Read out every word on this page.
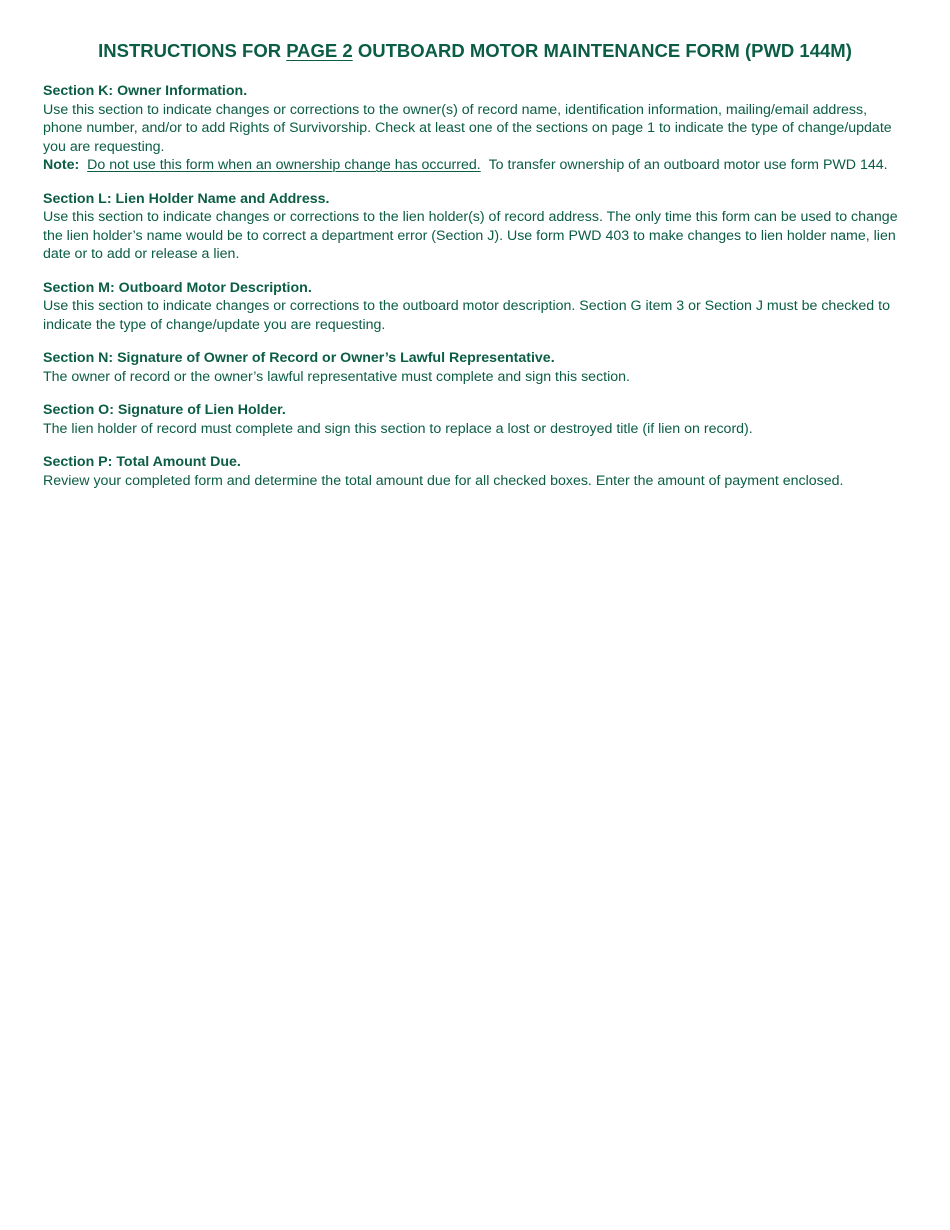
INSTRUCTIONS FOR PAGE 2 OUTBOARD MOTOR MAINTENANCE FORM (PWD 144M)
Section K: Owner Information.
Use this section to indicate changes or corrections to the owner(s) of record name, identification information, mailing/email address, phone number, and/or to add Rights of Survivorship. Check at least one of the sections on page 1 to indicate the type of change/update you are requesting.
Note: Do not use this form when an ownership change has occurred. To transfer ownership of an outboard motor use form PWD 144.
Section L: Lien Holder Name and Address.
Use this section to indicate changes or corrections to the lien holder(s) of record address. The only time this form can be used to change the lien holder’s name would be to correct a department error (Section J). Use form PWD 403 to make changes to lien holder name, lien date or to add or release a lien.
Section M: Outboard Motor Description.
Use this section to indicate changes or corrections to the outboard motor description. Section G item 3 or Section J must be checked to indicate the type of change/update you are requesting.
Section N: Signature of Owner of Record or Owner’s Lawful Representative.
The owner of record or the owner’s lawful representative must complete and sign this section.
Section O: Signature of Lien Holder.
The lien holder of record must complete and sign this section to replace a lost or destroyed title (if lien on record).
Section P: Total Amount Due.
Review your completed form and determine the total amount due for all checked boxes. Enter the amount of payment enclosed.
